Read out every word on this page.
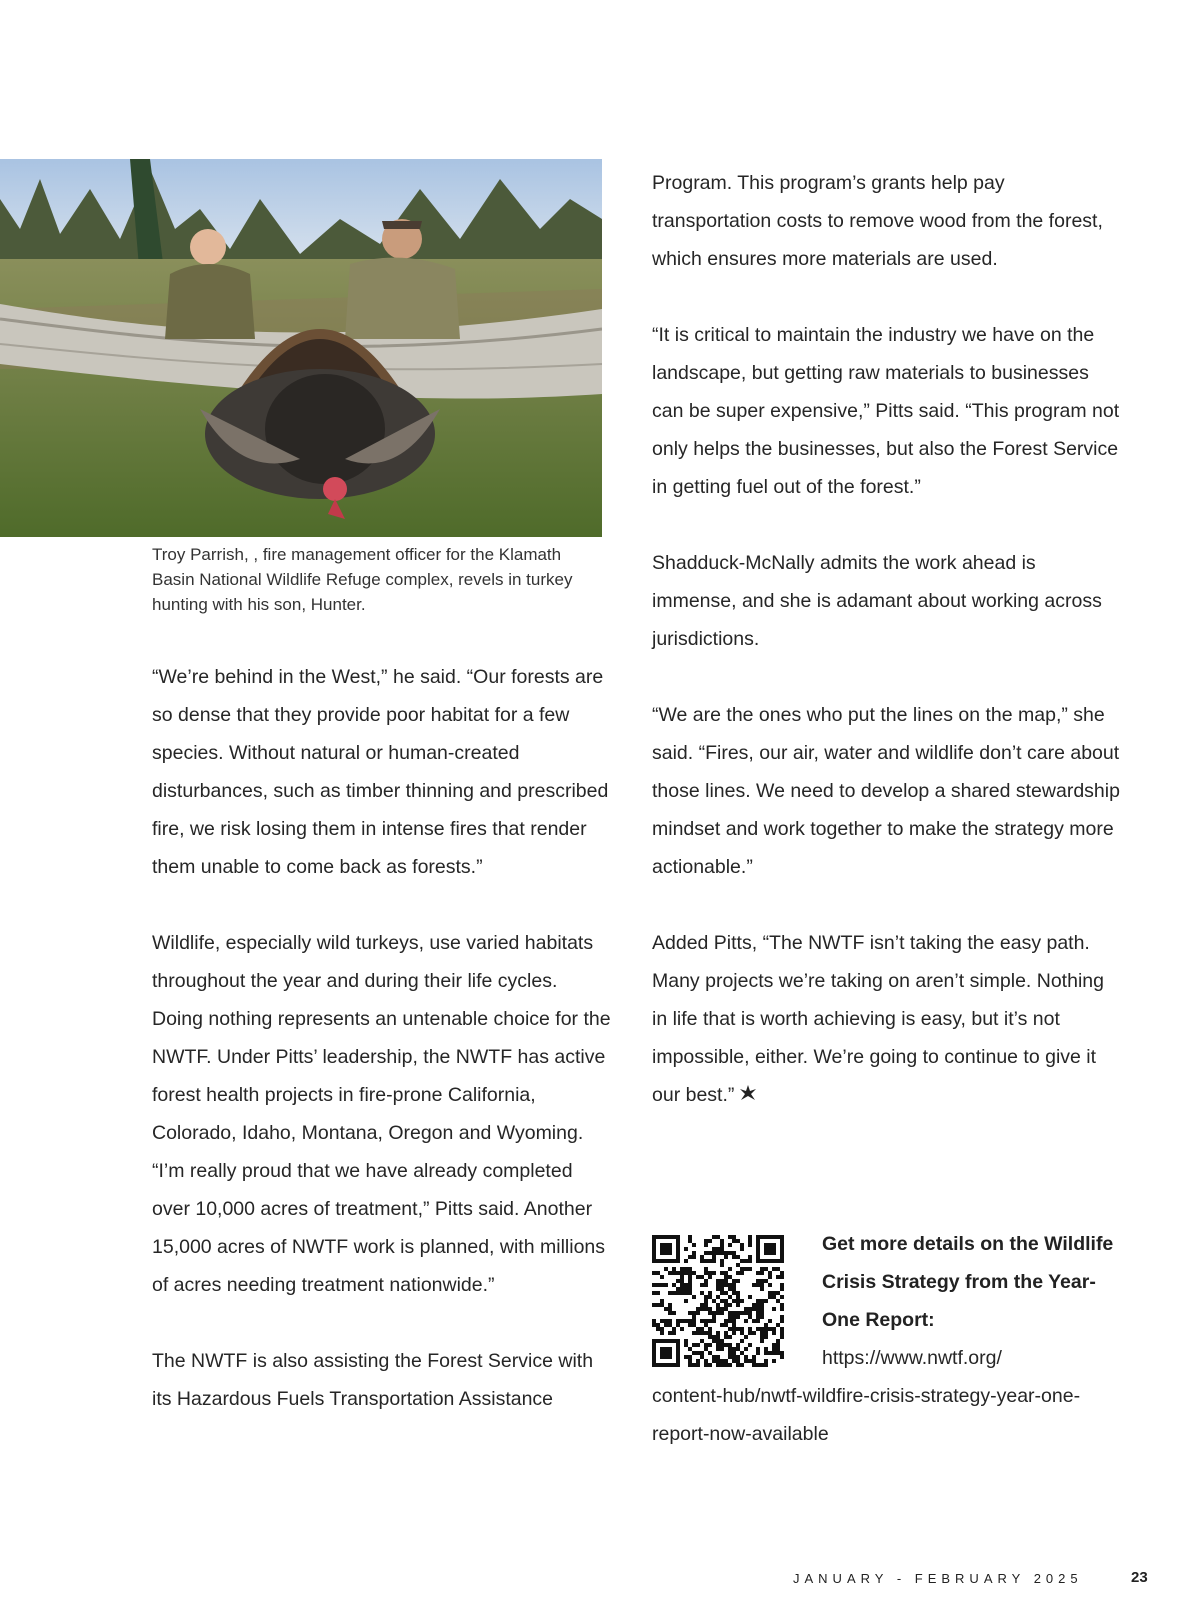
Troy Parrish, , fire management officer for the Klamath Basin National Wildlife Refuge complex, revels in turkey hunting with his son, Hunter.

“We’re behind in the West,” he said. “Our forests are so dense that they provide poor habitat for a few species. Without natural or human-created disturbances, such as timber thinning and prescribed fire, we risk losing them in intense fires that render them unable to come back as forests.”

Wildlife, especially wild turkeys, use varied habitats throughout the year and during their life cycles. Doing nothing represents an untenable choice for the NWTF. Under Pitts’ leadership, the NWTF has active forest health projects in fire-prone California, Colorado, Idaho, Montana, Oregon and Wyoming. “I’m really proud that we have already completed over 10,000 acres of treatment,” Pitts said. Another 15,000 acres of NWTF work is planned, with millions of acres needing treatment nationwide.”

The NWTF is also assisting the Forest Service with its Hazardous Fuels Transportation Assistance

Program. This program’s grants help pay transportation costs to remove wood from the forest, which ensures more materials are used.

“It is critical to maintain the industry we have on the landscape, but getting raw materials to businesses can be super expensive,” Pitts said. “This program not only helps the businesses, but also the Forest Service in getting fuel out of the forest.”

Shadduck-McNally admits the work ahead is immense, and she is adamant about working across jurisdictions.

“We are the ones who put the lines on the map,” she said. “Fires, our air, water and wildlife don’t care about those lines. We need to develop a shared stewardship mindset and work together to make the strategy more actionable.”

Added Pitts, “The NWTF isn’t taking the easy path. Many projects we’re taking on aren’t simple. Nothing in life that is worth achieving is easy, but it’s not impossible, either. We’re going to continue to give it our best.”

Get more details on the Wildlife Crisis Strategy from the Year-One Report:
https://www.nwtf.org/
content-hub/nwtf-wildfire-crisis-strategy-year-one-report-now-available
JANUARY - FEBRUARY 2025	23
